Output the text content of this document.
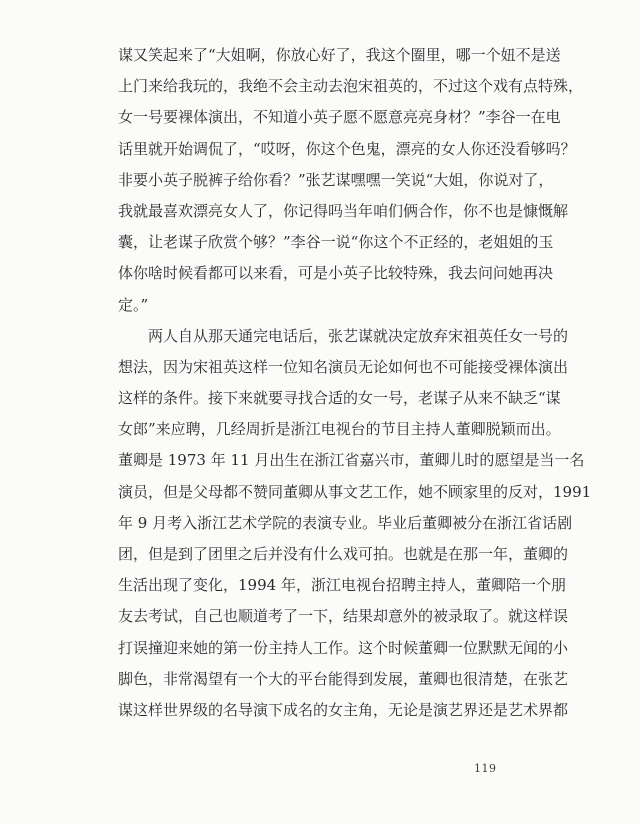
谋又笑起来了“大姐啊，你放心好了，我这个圈里，哪一个妞不是送
上门来给我玩的，我绝不会主动去泡宋祖英的，不过这个戏有点特殊，
女一号要裸体演出，不知道小英子愿不愿意亮亮身材？”李谷一在电
话里就开始调侃了，“哎呀，你这个色鬼，漂亮的女人你还没看够吗？
非要小英子脱裤子给你看？”张艺谋嘿嘿一笑说“大姐，你说对了，
我就最喜欢漂亮女人了，你记得吗当年咱们俩合作，你不也是慷慨解
囊，让老谋子欣赏个够？”李谷一说“你这个不正经的，老姐姐的玉
体你啥时候看都可以来看，可是小英子比较特殊，我去问问她再决
定。”
两人自从那天通完电话后，张艺谋就决定放弃宋祖英任女一号的
想法，因为宋祖英这样一位知名演员无论如何也不可能接受裸体演出
这样的条件。接下来就要寻找合适的女一号，老谋子从来不缺乏“谋
女郎”来应聘，几经周折是浙江电视台的节目主持人董卿脱颖而出。
董卿是 1973 年 11 月出生在浙江省嘉兴市，董卿儿时的愿望是当一名
演员，但是父母都不赞同董卿从事文艺工作，她不顾家里的反对，1991
年 9 月考入浙江艺术学院的表演专业。毕业后董卿被分在浙江省话剧
团，但是到了团里之后并没有什么戏可拍。也就是在那一年，董卿的
生活出现了变化，1994 年，浙江电视台招聘主持人，董卿陪一个朋
友去考试，自己也顺道考了一下，结果却意外的被录取了。就这样误
打误撞迎来她的第一份主持人工作。这个时候董卿一位默默无闻的小
脚色，非常渴望有一个大的平台能得到发展，董卿也很清楚，在张艺
谋这样世界级的名导演下成名的女主角，无论是演艺界还是艺术界都
119
